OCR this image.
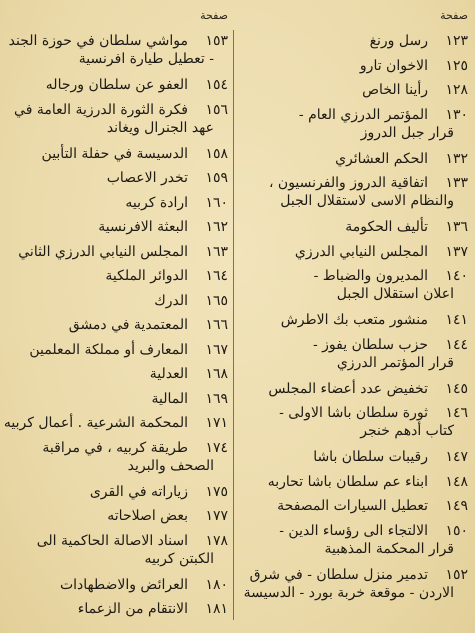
صفحة
١٢٣رسل ورنغ
١٢٥الاخوان تارو
١٢٨رأينا الخاص
١٣٠المؤتمر الدرزي العام -
قرار جبل الدروز
١٣٢الحكم العشائري
١٣٣اتفاقية الدروز والفرنسيون ،
والنظام الاسى لاستقلال الجبل
١٣٦تأليف الحكومة
١٣٧المجلس النيابي الدرزي
١٤٠المديرون والضباط -
اعلان استقلال الجبل
١٤١منشور متعب بك الاطرش
١٤٤حزب سلطان يفوز -
قرار المؤتمر الدرزي
١٤٥تخفيض عدد أعضاء المجلس
١٤٦ثورة سلطان باشا الاولى -
كتاب أدهم خنجر
١٤٧رقيبات سلطان باشا
١٤٨ابناء عم سلطان باشا تحاربه
١٤٩تعطيل السيارات المصفحة
١٥٠الالتجاء الى رؤساء الدين -
قرار المحكمة المذهبية
١٥٢تدمير منزل سلطان - في شرق
الاردن - موقعة خربة بورد - الدسيسة
صفحة
١٥٣مواشي سلطان في حوزة الجند
- تعطيل طيارة افرنسية
١٥٤العفو عن سلطان ورجاله
١٥٦فكرة الثورة الدرزية العامة في
عهد الجنرال ويغاند
١٥٨الدسيسة في حفلة التأبين
١٥٩تخدر الاعصاب
١٦٠ارادة كربيه
١٦٢البعثة الافرنسية
١٦٣المجلس النيابي الدرزي الثاني
١٦٤الدوائر الملكية
١٦٥الدرك
١٦٦المعتمدية في دمشق
١٦٧المعارف أو مملكة المعلمين
١٦٨العدلية
١٦٩المالية
١٧١المحكمة الشرعية . أعمال كربيه
١٧٤طريقة كربيه ، في مراقبة
الصحف والبريد
١٧٥زياراته في القرى
١٧٧بعض اصلاحاته
١٧٨اسناد الاصالة الحاكمية الى
الكبتن كربيه
١٨٠العرائض والاضطهادات
١٨١الانتقام من الزعماء
